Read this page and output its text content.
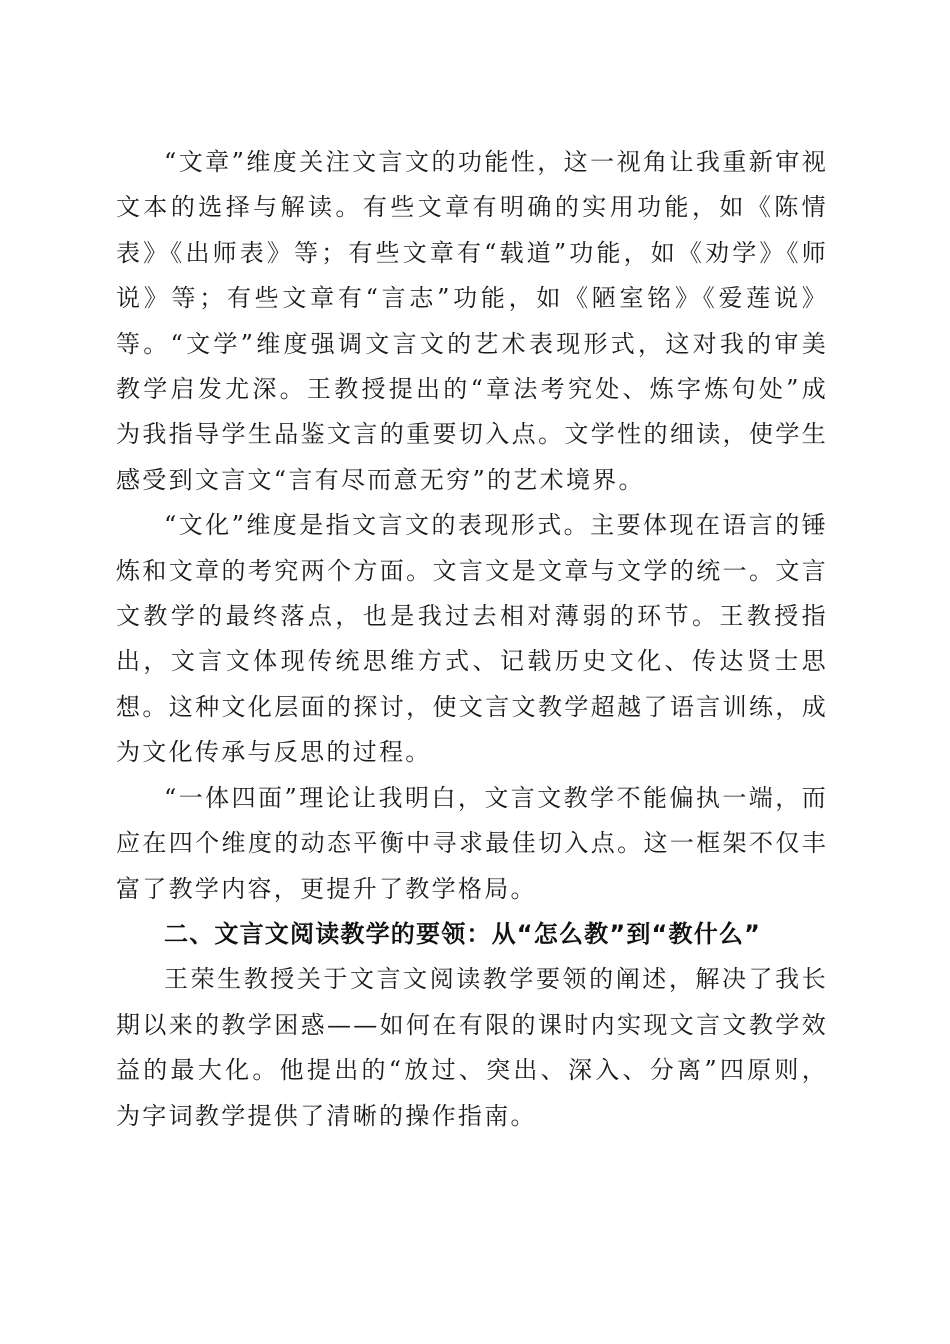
“文章”维度关注文言文的功能性，这一视角让我重新审视文本的选择与解读。有些文章有明确的实用功能，如《陈情表》《出师表》等；有些文章有“载道”功能，如《劝学》《师说》等；有些文章有“言志”功能，如《陋室铭》《爱莲说》等。“文学”维度强调文言文的艺术表现形式，这对我的审美教学启发尤深。王教授提出的“章法考究处、炼字炼句处”成为我指导学生品鉴文言的重要切入点。文学性的细读，使学生感受到文言文“言有尽而意无穷”的艺术境界。

“文化”维度是指文言文的表现形式。主要体现在语言的锤炼和文章的考究两个方面。文言文是文章与文学的统一。文言文教学的最终落点，也是我过去相对薄弱的环节。王教授指出，文言文体现传统思维方式、记载历史文化、传达贤士思想。这种文化层面的探讨，使文言文教学超越了语言训练，成为文化传承与反思的过程。

“一体四面”理论让我明白，文言文教学不能偏执一端，而应在四个维度的动态平衡中寻求最佳切入点。这一框架不仅丰富了教学内容，更提升了教学格局。

二、文言文阅读教学的要领：从“怎么教”到“教什么”

王荣生教授关于文言文阅读教学要领的阐述，解决了我长期以来的教学困惑——如何在有限的课时内实现文言文教学效益的最大化。他提出的“放过、突出、深入、分离”四原则，为字词教学提供了清晰的操作指南。
